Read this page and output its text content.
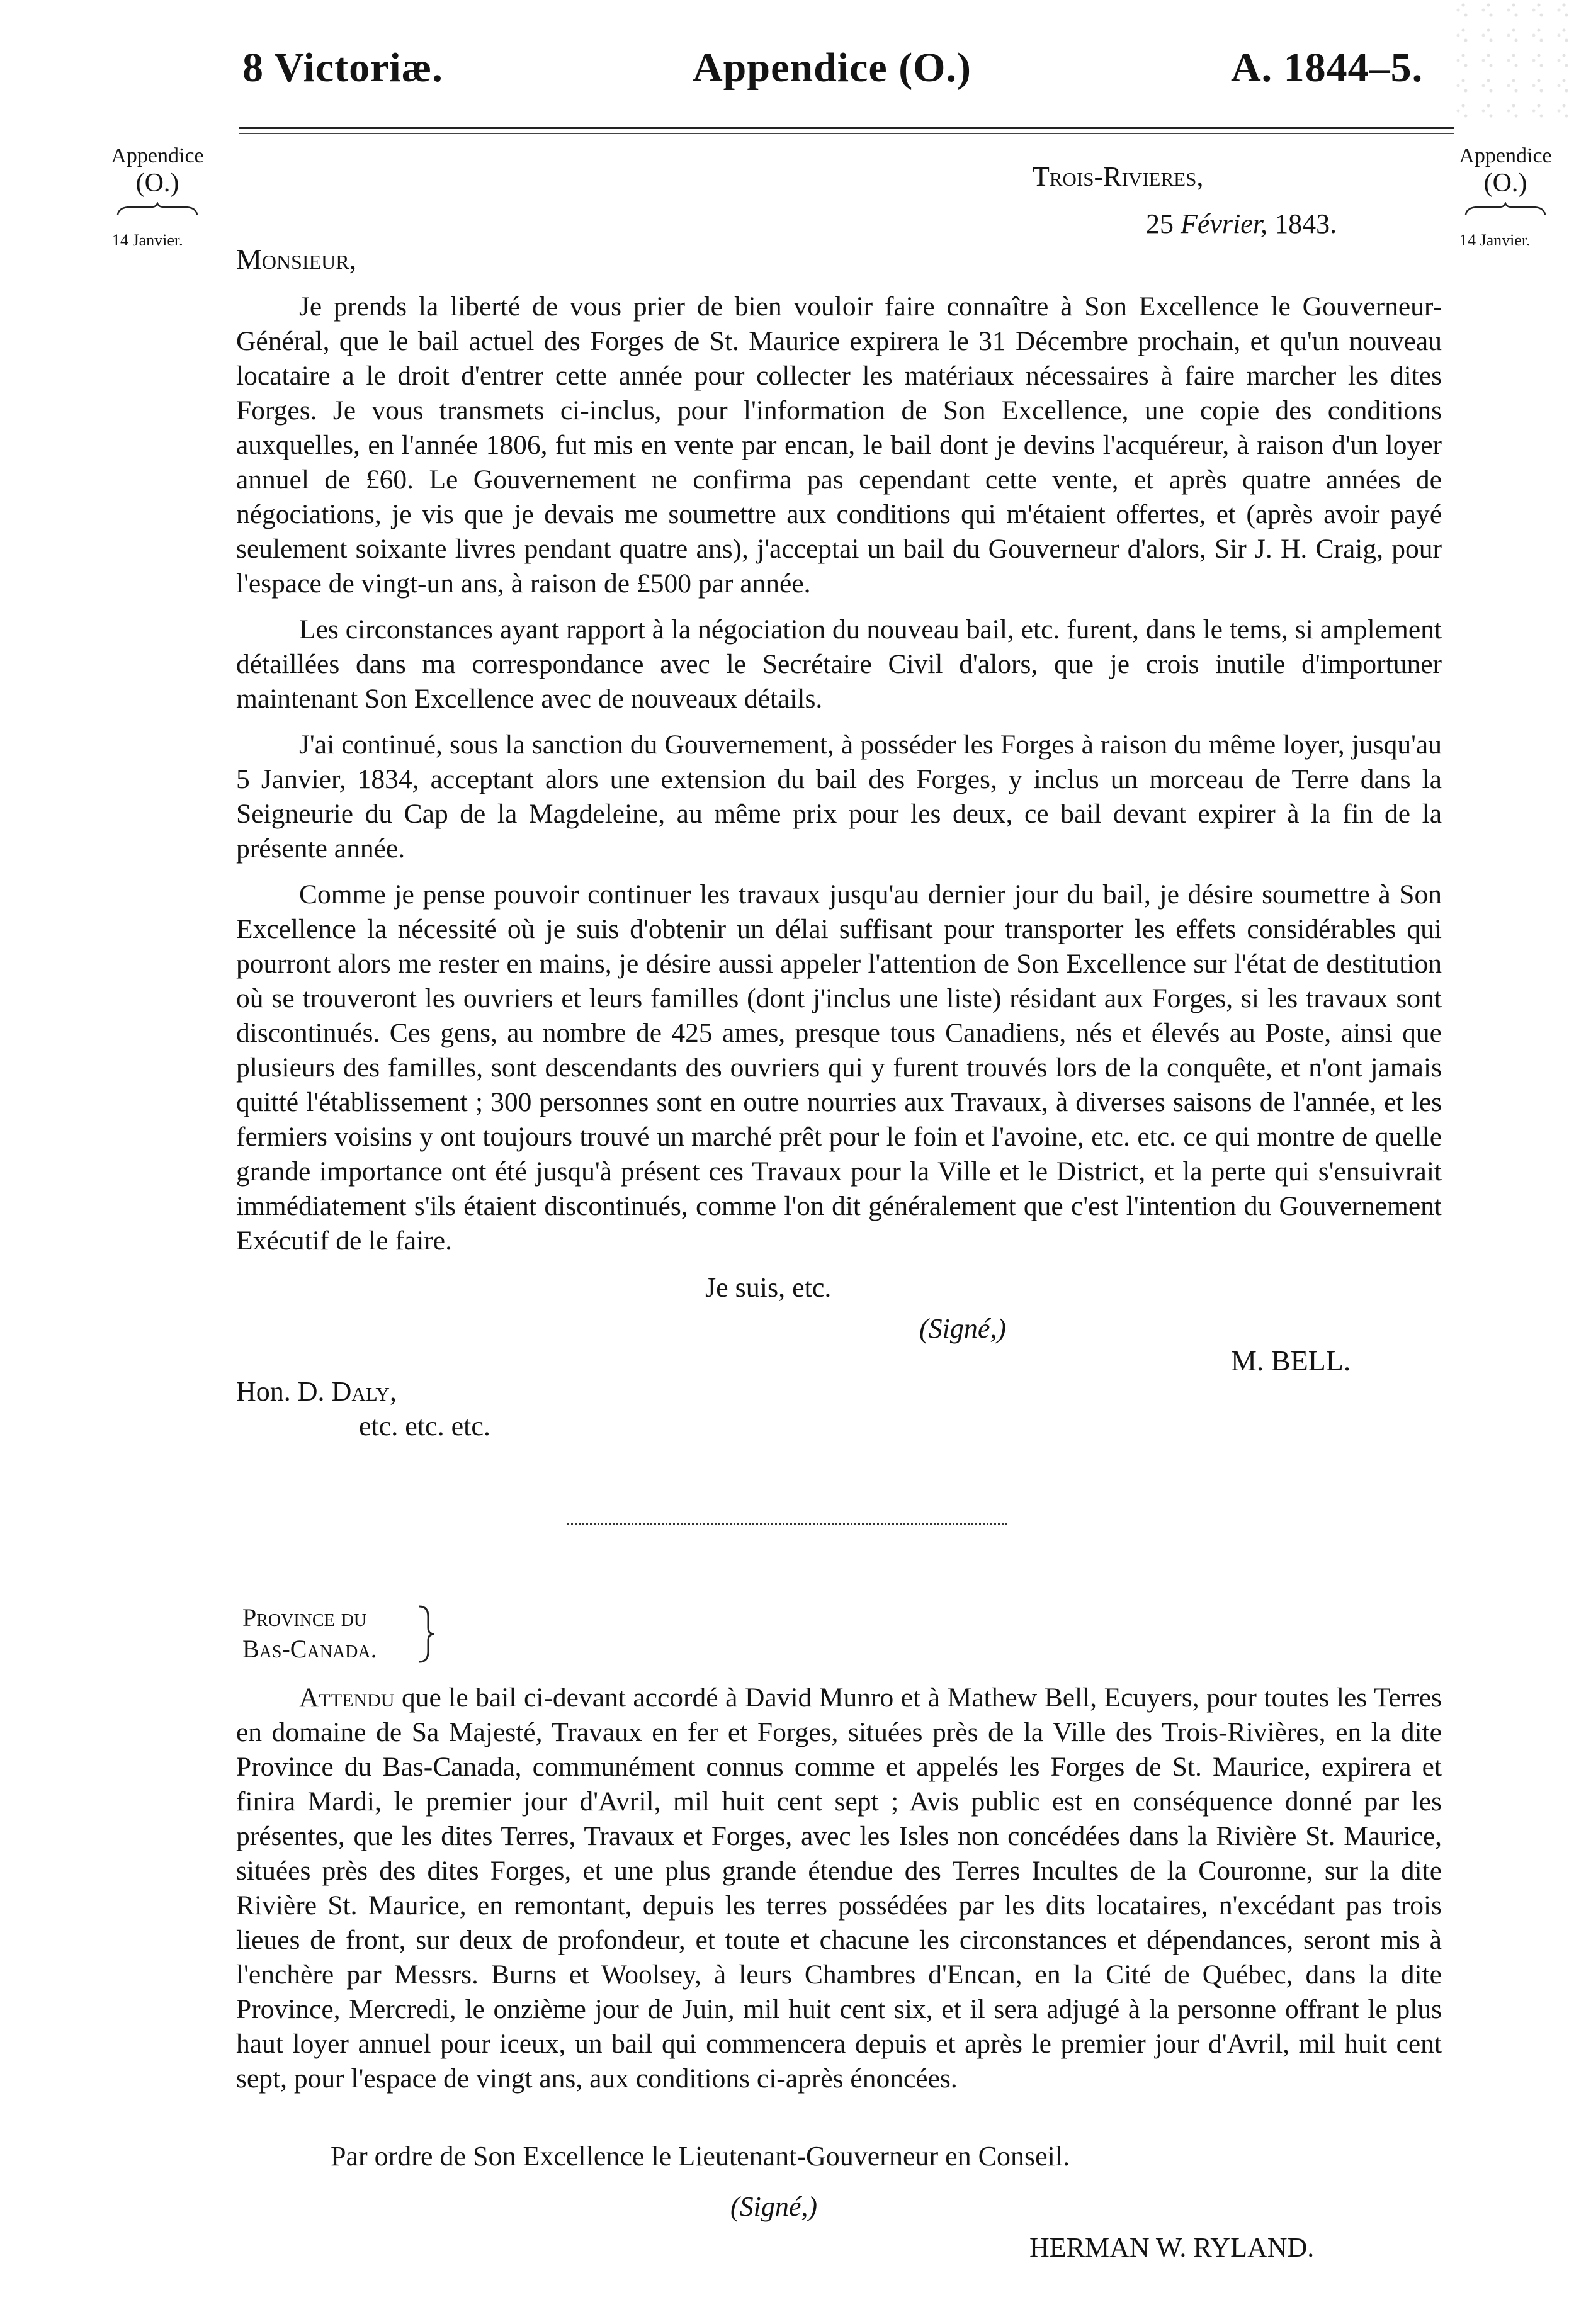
8 Victoriæ.	Appendice (O.)	A. 1844–5.
Appendice
(O.)
14 Janvier.
Appendice
(O.)
14 Janvier.
Trois-Rivieres,
25 Février, 1843.
Monsieur,

Je prends la liberté de vous prier de bien vouloir faire connaître à Son Excellence le Gouverneur-Général, que le bail actuel des Forges de St. Maurice expirera le 31 Décembre prochain, et qu'un nouveau locataire a le droit d'entrer cette année pour collecter les matériaux nécessaires à faire marcher les dites Forges. Je vous transmets ci-inclus, pour l'information de Son Excellence, une copie des conditions auxquelles, en l'année 1806, fut mis en vente par encan, le bail dont je devins l'acquéreur, à raison d'un loyer annuel de £60. Le Gouvernement ne confirma pas cependant cette vente, et après quatre années de négociations, je vis que je devais me soumettre aux conditions qui m'étaient offertes, et (après avoir payé seulement soixante livres pendant quatre ans), j'acceptai un bail du Gouverneur d'alors, Sir J. H. Craig, pour l'espace de vingt-un ans, à raison de £500 par année.

Les circonstances ayant rapport à la négociation du nouveau bail, etc. furent, dans le tems, si amplement détaillées dans ma correspondance avec le Secrétaire Civil d'alors, que je crois inutile d'importuner maintenant Son Excellence avec de nouveaux détails.

J'ai continué, sous la sanction du Gouvernement, à posséder les Forges à raison du même loyer, jusqu'au 5 Janvier, 1834, acceptant alors une extension du bail des Forges, y inclus un morceau de Terre dans la Seigneurie du Cap de la Magdeleine, au même prix pour les deux, ce bail devant expirer à la fin de la présente année.

Comme je pense pouvoir continuer les travaux jusqu'au dernier jour du bail, je désire soumettre à Son Excellence la nécessité où je suis d'obtenir un délai suffisant pour transporter les effets considérables qui pourront alors me rester en mains, je désire aussi appeler l'attention de Son Excellence sur l'état de destitution où se trouveront les ouvriers et leurs familles (dont j'inclus une liste) résidant aux Forges, si les travaux sont discontinués. Ces gens, au nombre de 425 ames, presque tous Canadiens, nés et élevés au Poste, ainsi que plusieurs des familles, sont descendants des ouvriers qui y furent trouvés lors de la conquête, et n'ont jamais quitté l'établissement ; 300 personnes sont en outre nourries aux Travaux, à diverses saisons de l'année, et les fermiers voisins y ont toujours trouvé un marché prêt pour le foin et l'avoine, etc. etc. ce qui montre de quelle grande importance ont été jusqu'à présent ces Travaux pour la Ville et le District, et la perte qui s'ensuivrait immédiatement s'ils étaient discontinués, comme l'on dit généralement que c'est l'intention du Gouvernement Exécutif de le faire.

Je suis, etc.
(Signé,)
M. BELL.
Hon. D. Daly,
etc. etc. etc.
Province du
Bas-Canada.

Attendu que le bail ci-devant accordé à David Munro et à Mathew Bell, Ecuyers, pour toutes les Terres en domaine de Sa Majesté, Travaux en fer et Forges, situées près de la Ville des Trois-Rivières, en la dite Province du Bas-Canada, communément connus comme et appelés les Forges de St. Maurice, expirera et finira Mardi, le premier jour d'Avril, mil huit cent sept ; Avis public est en conséquence donné par les présentes, que les dites Terres, Travaux et Forges, avec les Isles non concédées dans la Rivière St. Maurice, situées près des dites Forges, et une plus grande étendue des Terres Incultes de la Couronne, sur la dite Rivière St. Maurice, en remontant, depuis les terres possédées par les dits locataires, n'excédant pas trois lieues de front, sur deux de profondeur, et toute et chacune les circonstances et dépendances, seront mis à l'enchère par Messrs. Burns et Woolsey, à leurs Chambres d'Encan, en la Cité de Québec, dans la dite Province, Mercredi, le onzième jour de Juin, mil huit cent six, et il sera adjugé à la personne offrant le plus haut loyer annuel pour iceux, un bail qui commencera depuis et après le premier jour d'Avril, mil huit cent sept, pour l'espace de vingt ans, aux conditions ci-après énoncées.

Par ordre de Son Excellence le Lieutenant-Gouverneur en Conseil.
(Signé,)
HERMAN W. RYLAND.
